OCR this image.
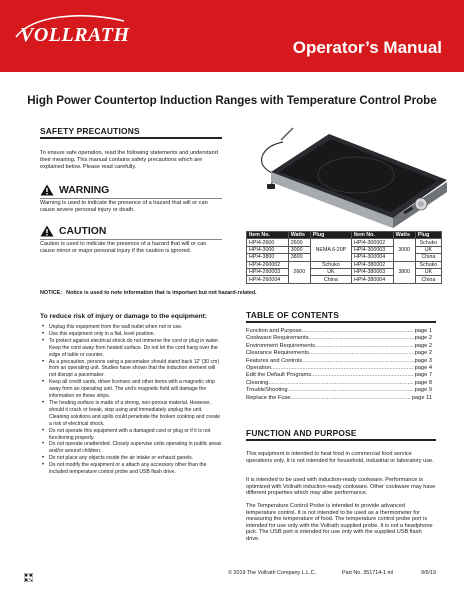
VOLLRATH
Operator’s Manual
High Power Countertop Induction Ranges with Temperature Control Probe
SAFETY PRECAUTIONS
To ensure safe operation, read the following statements and understand their meaning. This manual contains safety precautions which are explained below. Please read carefully.
WARNING
Warning is used to indicate the presence of a hazard that will or can cause severe personal injury or death.
CAUTION
Caution is used to indicate the presence of a hazard that will or can cause minor or major personal injury if the caution is ignored.
NOTICE: Notice is used to note information that is important but not hazard-related.
To reduce risk of injury or damage to the equipment:
• Unplug this equipment from the wall outlet when not in use.
• Use this equipment only in a flat, level position.
• To protect against electrical shock do not immerse the cord or plug in water. Keep the cord away from heated surface. Do not let the cord hang over the edge of table or counter.
• As a precaution, persons using a pacemaker should stand back 12' (30 cm) from an operating unit. Studies have shown that the induction element will not disrupt a pacemaker.
• Keep all credit cards, driver licenses and other items with a magnetic strip away from an operating unit. The unit's magnetic field will damage the information on these strips.
• The heating surface is made of a strong, non-porous material. However, should it crack or break, stop using and immediately unplug the unit. Cleaning solutions and spills could penetrate the broken cooktop and create a risk of electrical shock.
• Do not operate this equipment with a damaged cord or plug or if it is not functioning properly.
• Do not operate unattended. Closely supervise units operating in public areas and/or around children.
• Do not place any objects inside the air intake or exhaust panels.
• Do not modify the equipment or a attach any accessory other than the included temperature control probe and USB flash drive.
Item No.	Watts	Plug	Item No.	Watts	Plug
HPI4-2600	2600	NEMA 6-20P	HPI4-300002	3000	Schuko
HPI4-3000	3000		HPI4-300003		UK
HPI4-3800	3800		HPI4-300004		China
HPI4-260002	2600	Schuko	HPI4-380002	3800	Schuko
HPI4-260003		UK	HPI4-380003		UK
HPI4-260004		China	HPI4-380004		China
TABLE OF CONTENTS
Function and Purpose .....	page 1
Cookware Requirements .....	page 2
Environment Requirements .....	page 2
Clearance Requirements .....	page 2
Features and Controls .....	page 3
Operation .....	page 4
Edit the Default Programs .....	page 7
Cleaning .....	page 8
TroubleShooting .....	page 9
Replace the Fuse .....	page 11
FUNCTION AND PURPOSE
This equipment is intended to heat food in commercial food service operations only. It is not intended for household, industrial or laboratory use.
It is intended to be used with induction-ready cookware. Performance is optimized with Vollrath induction-ready cookware. Other cookware may have different properties which may alter performance.
The Temperature Control Probe is intended to provide advanced temperature control. It is not intended to be used as a thermometer for measuring the temperature of food. The temperature control probe port is intended for use only with the Vollrath supplied probe. It is not a headphone jack. The USB port is intended for use only with the supplied USB flash drive.
© 2019 The Vollrath Company L.L.C.	Part No. 351714-1 ml	9/6/19
